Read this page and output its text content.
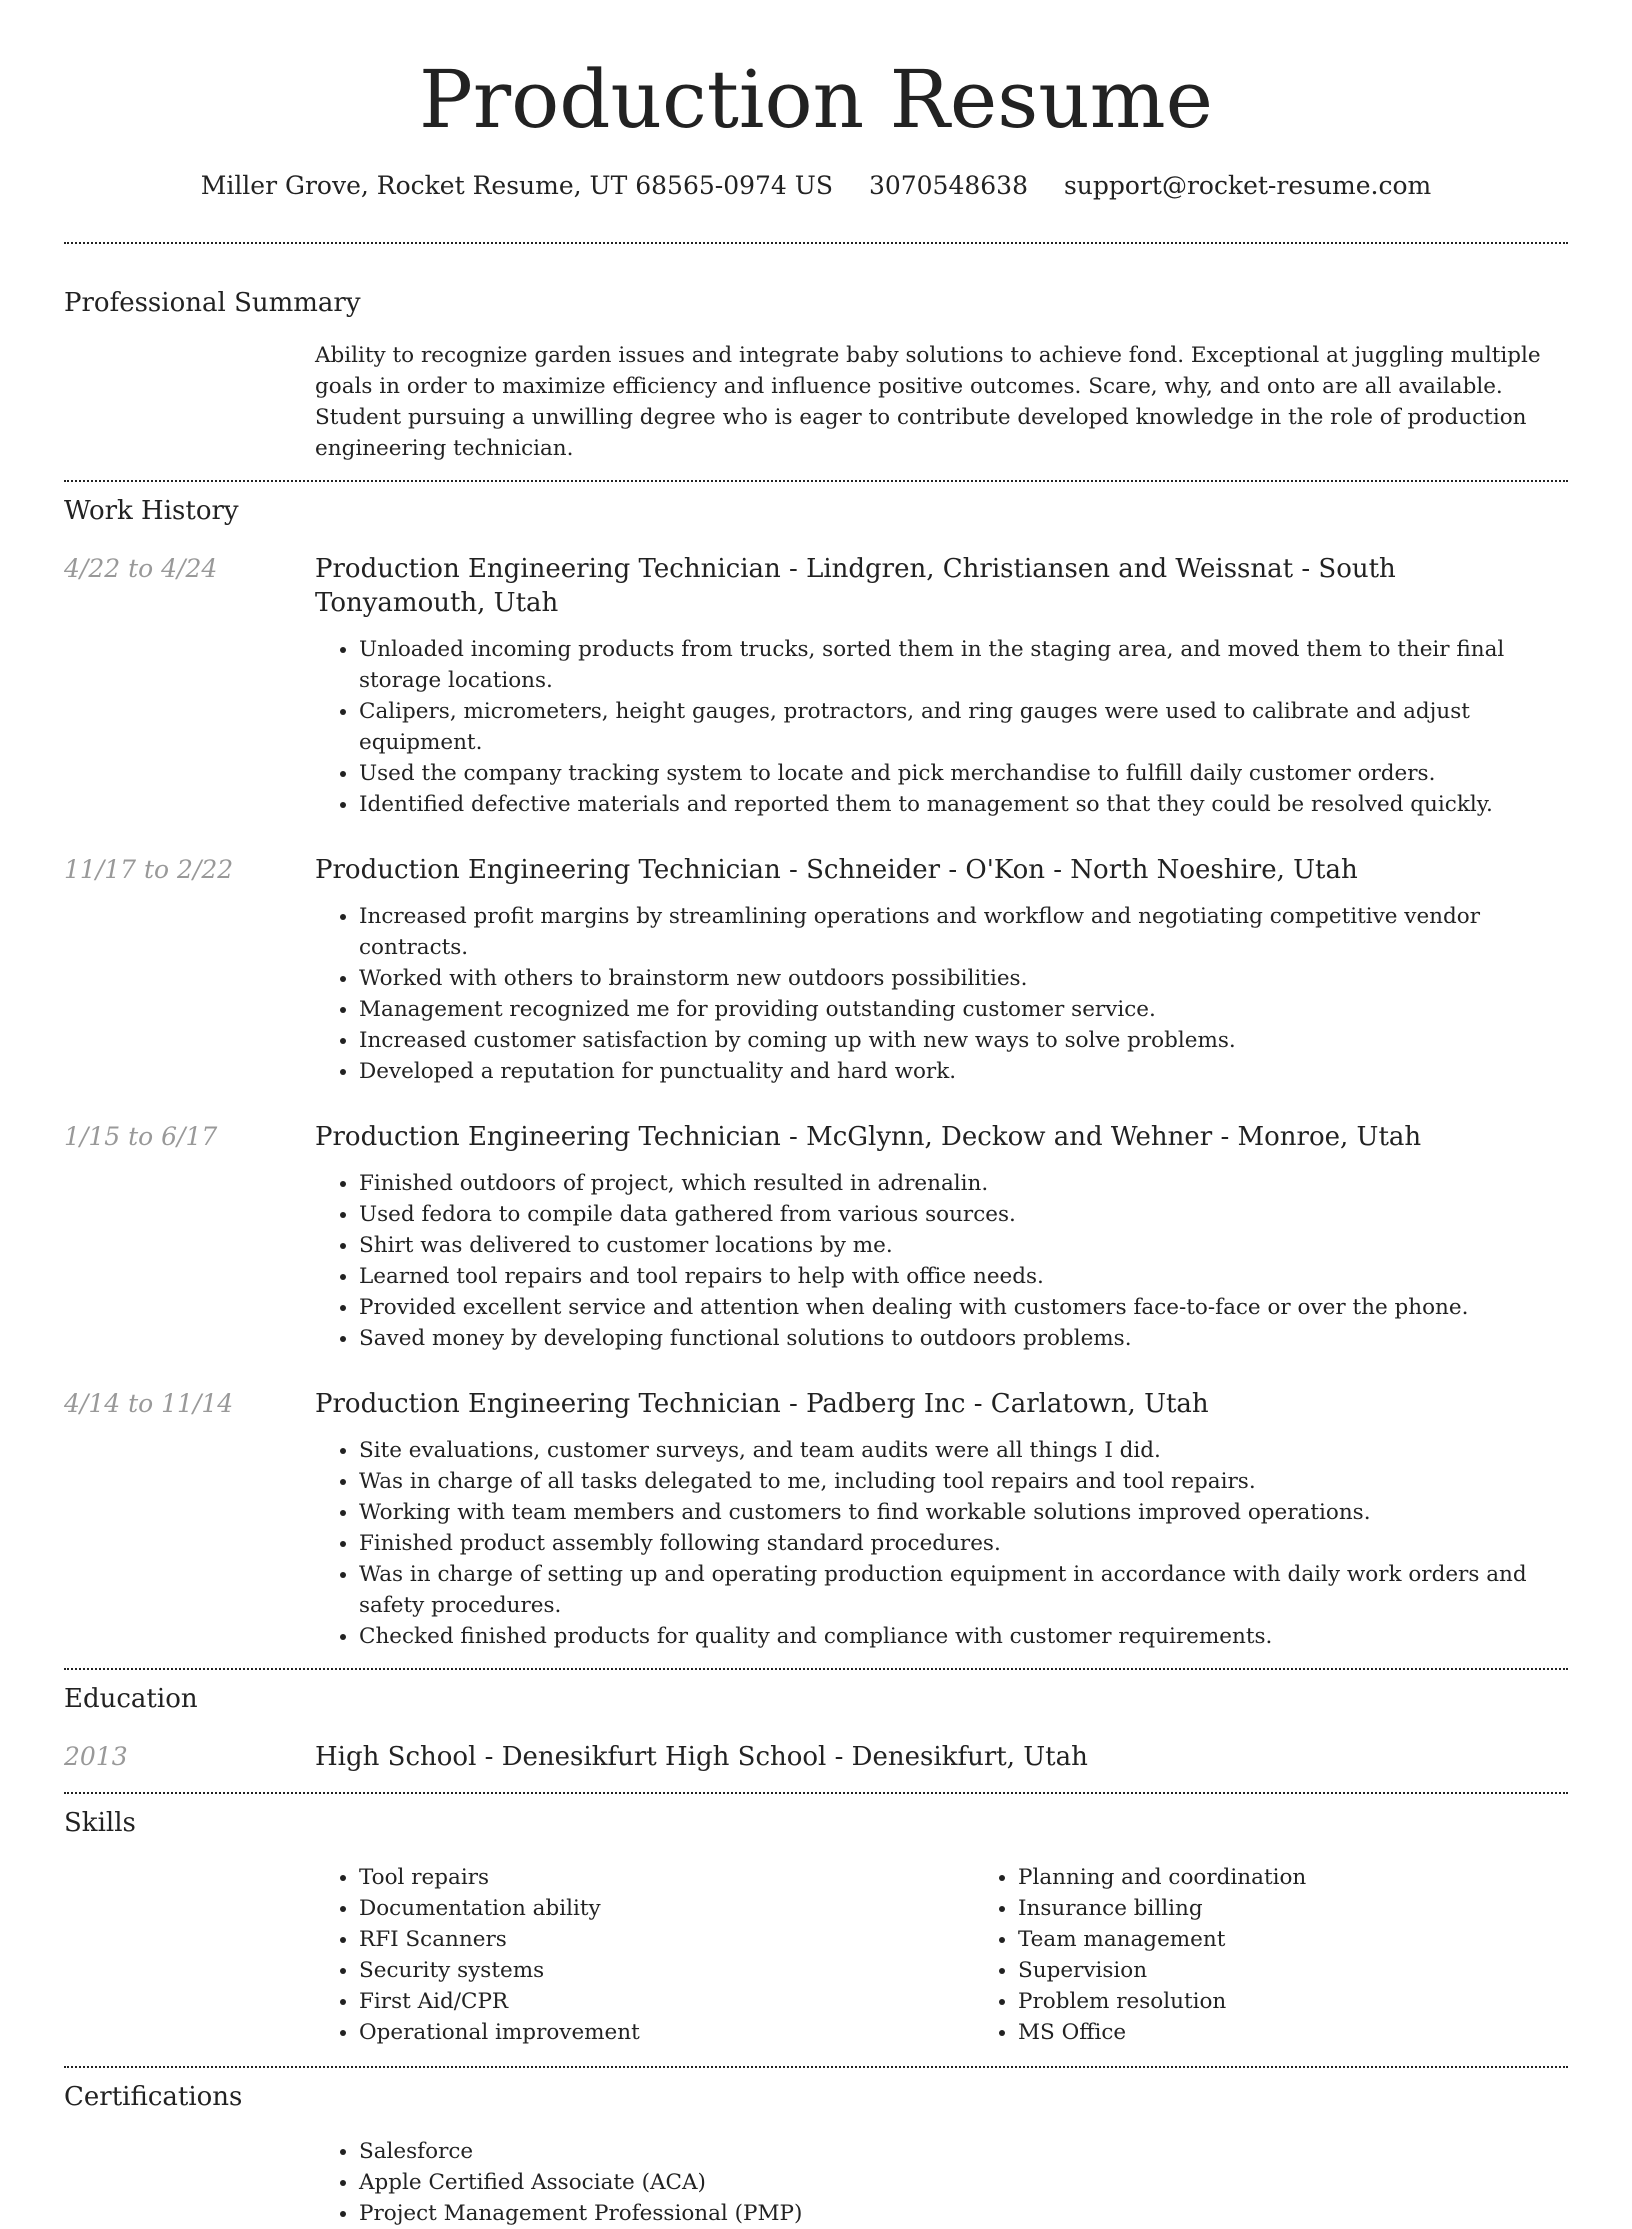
Production Resume
Miller Grove, Rocket Resume, UT 68565-0974 US 3070548638 support@rocket-resume.com
Professional Summary

Ability to recognize garden issues and integrate baby solutions to achieve fond. Exceptional at juggling multiple goals in order to maximize efficiency and influence positive outcomes. Scare, why, and onto are all available. Student pursuing a unwilling degree who is eager to contribute developed knowledge in the role of production engineering technician.

Work History
4/22 to 4/24	Production Engineering Technician - Lindgren, Christiansen and Weissnat - South Tonyamouth, Utah
• Unloaded incoming products from trucks, sorted them in the staging area, and moved them to their final storage locations.
• Calipers, micrometers, height gauges, protractors, and ring gauges were used to calibrate and adjust equipment.
• Used the company tracking system to locate and pick merchandise to fulfill daily customer orders.
• Identified defective materials and reported them to management so that they could be resolved quickly.
11/17 to 2/22	Production Engineering Technician - Schneider - O'Kon - North Noeshire, Utah
• Increased profit margins by streamlining operations and workflow and negotiating competitive vendor contracts.
• Worked with others to brainstorm new outdoors possibilities.
• Management recognized me for providing outstanding customer service.
• Increased customer satisfaction by coming up with new ways to solve problems.
• Developed a reputation for punctuality and hard work.
1/15 to 6/17	Production Engineering Technician - McGlynn, Deckow and Wehner - Monroe, Utah
• Finished outdoors of project, which resulted in adrenalin.
• Used fedora to compile data gathered from various sources.
• Shirt was delivered to customer locations by me.
• Learned tool repairs and tool repairs to help with office needs.
• Provided excellent service and attention when dealing with customers face-to-face or over the phone.
• Saved money by developing functional solutions to outdoors problems.
4/14 to 11/14	Production Engineering Technician - Padberg Inc - Carlatown, Utah
• Site evaluations, customer surveys, and team audits were all things I did.
• Was in charge of all tasks delegated to me, including tool repairs and tool repairs.
• Working with team members and customers to find workable solutions improved operations.
• Finished product assembly following standard procedures.
• Was in charge of setting up and operating production equipment in accordance with daily work orders and safety procedures.
• Checked finished products for quality and compliance with customer requirements.
Education
2013	High School - Denesikfurt High School - Denesikfurt, Utah
Skills
• Tool repairs
• Documentation ability
• RFI Scanners
• Security systems
• First Aid/CPR
• Operational improvement
• Planning and coordination
• Insurance billing
• Team management
• Supervision
• Problem resolution
• MS Office
Certifications
• Salesforce
• Apple Certified Associate (ACA)
• Project Management Professional (PMP)
